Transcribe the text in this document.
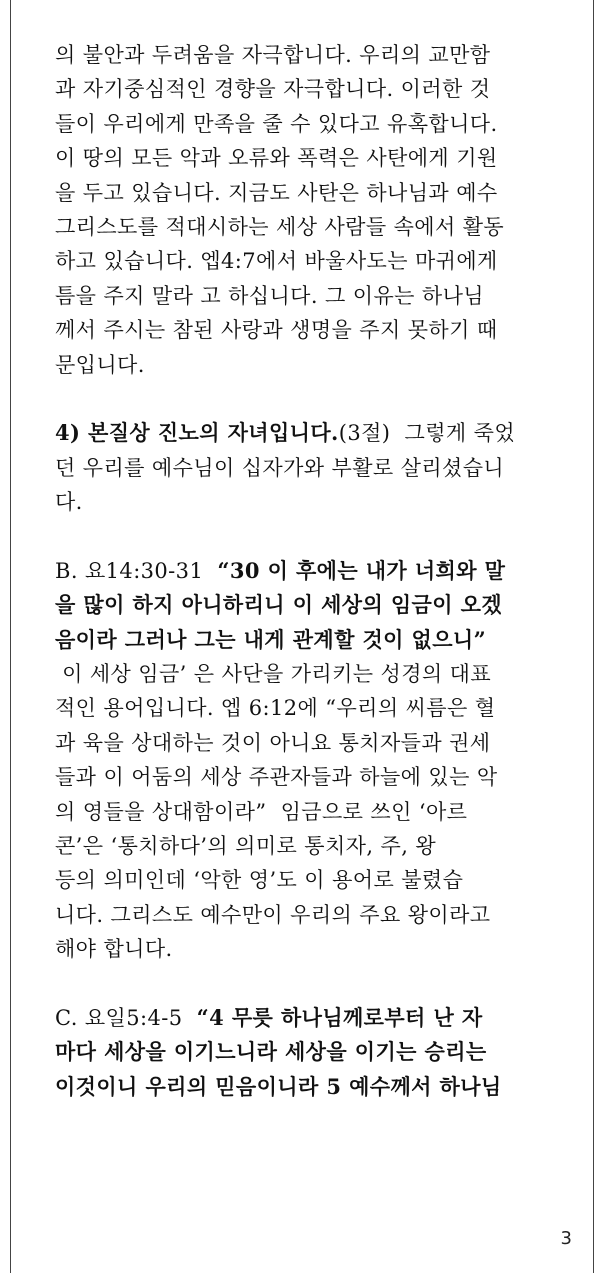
의 불안과 두려움을 자극합니다. 우리의 교만함
과 자기중심적인 경향을 자극합니다. 이러한 것
들이 우리에게 만족을 줄 수 있다고 유혹합니다.
이 땅의 모든 악과 오류와 폭력은 사탄에게 기원
을 두고 있습니다. 지금도 사탄은 하나님과 예수
그리스도를 적대시하는 세상 사람들 속에서 활동
하고 있습니다. 엡4:7에서 바울사도는 마귀에게
틈을 주지 말라 고 하십니다. 그 이유는 하나님
께서 주시는 참된 사랑과 생명을 주지 못하기 때
문입니다.
4) 본질상 진노의 자녀입니다.(3절)  그렇게 죽었
던 우리를 예수님이 십자가와 부활로 살리셨습니
다.
B. 요14:30-31  “30 이 후에는 내가 너희와 말
을 많이 하지 아니하리니 이 세상의 임금이 오겠
음이라 그러나 그는 내게 관계할 것이 없으니”
이 세상 임금’ 은 사단을 가리키는 성경의 대표
적인 용어입니다. 엡 6:12에 “우리의 씨름은 혈
과 육을 상대하는 것이 아니요 통치자들과 권세
들과 이 어둠의 세상 주관자들과 하늘에 있는 악
의 영들을 상대함이라”  임금으로 쓰인 ‘아르
콘’은 ‘통치하다’의 의미로 통치자, 주, 왕
등의 의미인데 ‘악한 영’도 이 용어로 불렸습
니다. 그리스도 예수만이 우리의 주요 왕이라고
해야 합니다.
C. 요일5:4-5  “4 무릇 하나님께로부터 난 자
마다 세상을 이기느니라 세상을 이기는 승리는
이것이니 우리의 믿음이니라 5 예수께서 하나님
3
